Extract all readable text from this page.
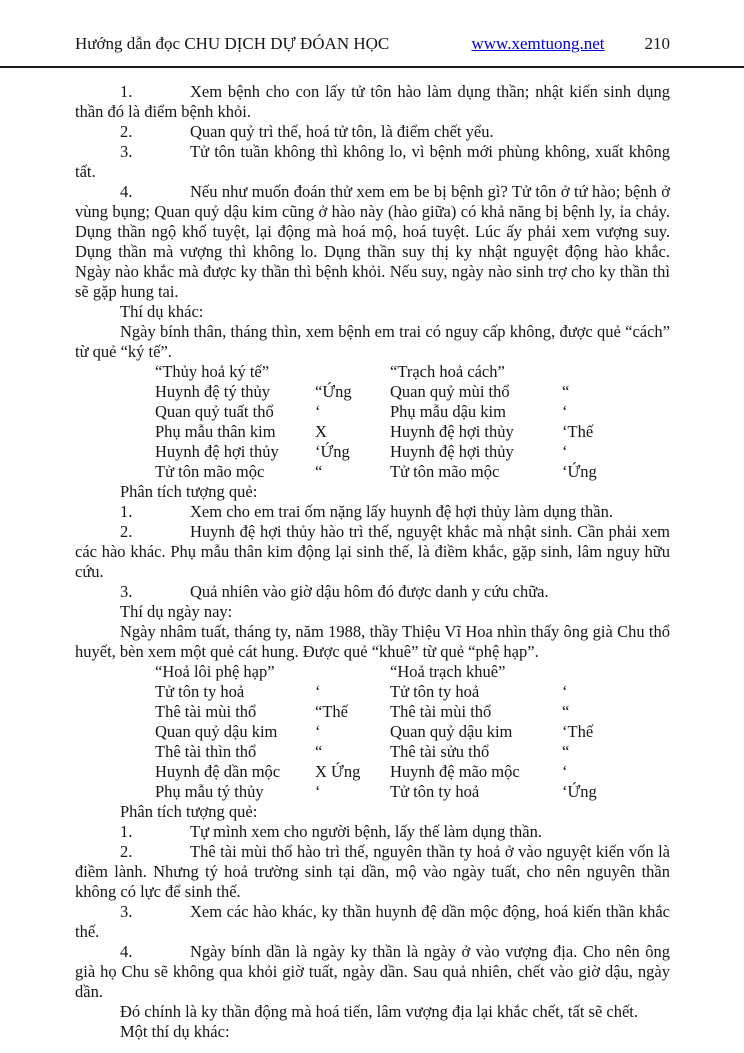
Hướng dẫn đọc CHU DỊCH DỰ ĐÓAN HỌC	www.xemtuong.net 210

1.	Xem bệnh cho con lấy tử tôn hào làm dụng thần; nhật kiến sinh dụng thần đó là điểm bệnh khỏi.

2.	Quan quỷ trì thế, hoá tử tôn, là điểm chết yểu.

3.	Tử tôn tuần không thì không lo, vì bệnh mới phùng không, xuất không tất.

4.	Nếu như muốn đoán thử xem em be bị bệnh gì? Tử tôn ở tứ hào; bệnh ở vùng bụng; Quan quỷ dậu kim cũng ở hào này (hào giữa) có khả năng bị bệnh ly, ỉa chảy. Dụng thần ngộ khố tuyệt, lại động mà hoá mộ, hoá tuyệt. Lúc ấy phải xem vượng suy. Dụng thần mà vượng thì không lo. Dụng thần suy thị ky nhật nguyệt động hào khắc. Ngày nào khắc mà được ky thần thì bệnh khỏi. Nếu suy, ngày nào sinh trợ cho ky thần thì sẽ gặp hung tai.

Thí dụ khác:

Ngày bính thân, tháng thìn, xem bệnh em trai có nguy cấp không, được quẻ “cách” từ quẻ “ký tế”.

“Thủy hoả ký tế”	“Trạch hoả cách”
Huynh đệ tý thủy	“Ứng	Quan quỷ mùi thổ	“
Quan quỷ tuất thổ	‘	Phụ mẫu dậu kim	‘
Phụ mẫu thân kim	X	Huynh đệ hợi thủy	‘Thế
Huynh đệ hợi thủy	‘Ứng	Huynh đệ hợi thủy	‘
Tử tôn mão mộc	“	Tử tôn mão mộc	‘Ứng

Phân tích tượng quẻ:

1.	Xem cho em trai ốm nặng lấy huynh đệ hợi thủy làm dụng thần.

2.	Huynh đệ hợi thủy hào trì thế, nguyệt khắc mà nhật sinh. Cần phải xem các hào khác. Phụ mẫu thân kim động lại sinh thế, là điềm khắc, gặp sinh, lâm nguy hữu cứu.

3.	Quả nhiên vào giờ dậu hôm đó được danh y cứu chữa.

Thí dụ ngày nay:

Ngày nhâm tuất, tháng ty, năm 1988, thầy Thiệu Vĩ Hoa nhìn thấy ông già Chu thổ huyết, bèn xem một quẻ cát hung. Được quẻ “khuê” từ quẻ “phệ hạp”.

“Hoả lôi phệ hạp”	“Hoả trạch khuê”
Tử tôn ty hoả	‘	Tử tôn ty hoả	‘
Thê tài mùi thổ	“Thế	Thê tài mùi thổ	“
Quan quỷ dậu kim	‘	Quan quỷ dậu kim	‘Thế
Thê tài thìn thổ	“	Thê tài sửu thổ	“
Huynh đệ dần mộc	X Ứng	Huynh đệ mão mộc	‘
Phụ mẫu tý thủy	‘	Tử tôn ty hoả	‘Ứng

Phân tích tượng quẻ:

1.	Tự mình xem cho người bệnh, lấy thế làm dụng thần.

2.	Thê tài mùi thổ hào trì thế, nguyên thần ty hoả ở vào nguyệt kiến vốn là điềm lành. Nhưng tý hoả trường sinh tại dần, mộ vào ngày tuất, cho nên nguyên thần không có lực để sinh thế.

3.	Xem các hào khác, ky thần huynh đệ dần mộc động, hoá kiến thần khắc thế.

4.	Ngày bính dần là ngày ky thần là ngày ở vào vượng địa. Cho nên ông già họ Chu sẽ không qua khỏi giờ tuất, ngày dần. Sau quả nhiên, chết vào giờ dậu, ngày dần.

Đó chính là ky thần động mà hoá tiến, lâm vượng địa lại khắc chết, tất sẽ chết.

Một thí dụ khác:
